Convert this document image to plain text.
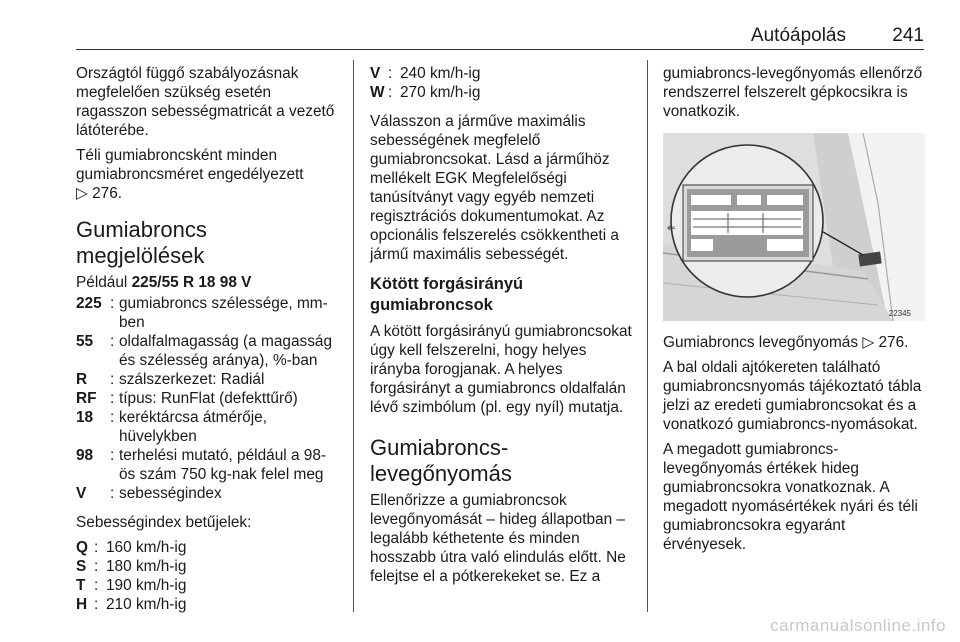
Autóápolás 241

Országtól függő szabályozásnak megfelelően szükség esetén ragasszon sebességmatricát a vezető látóterébe.

Téli gumiabroncsként minden gumiabroncsméret engedélyezett
▷ 276.

Gumiabroncs megjelölések

Például 225/55 R 18 98 V

225 : gumiabroncs szélessége, mm-ben
55	: oldalfalmagasság (a magasság és szélesség aránya), %-ban
R	: szálszerkezet: Radiál
RF : típus: RunFlat (defekttűrő)
18	: keréktárcsa átmérője, hüvelykben
98	: terhelési mutató, például a 98-ös szám 750 kg-nak felel meg
V	: sebességindex

Sebességindex betűjelek:

Q : 160 km/h-ig
S : 180 km/h-ig
T : 190 km/h-ig
H : 210 km/h-ig
V : 240 km/h-ig
W : 270 km/h-ig

Válasszon a járműve maximális sebességének megfelelő gumiabroncsokat. Lásd a járműhöz mellékelt EGK Megfelelőségi tanúsítványt vagy egyéb nemzeti regisztrációs dokumentumokat. Az opcionális felszerelés csökkentheti a jármű maximális sebességét.

Kötött forgásirányú gumiabroncsok

A kötött forgásirányú gumiabroncsokat úgy kell felszerelni, hogy helyes irányba forogjanak. A helyes forgásirányt a gumiabroncs oldalfalán lévő szimbólum (pl. egy nyíl) mutatja.

Gumiabroncs-levegőnyomás

Ellenőrizze a gumiabroncsok levegőnyomását – hideg állapotban – legalább kéthetente és minden hosszabb útra való elindulás előtt. Ne felejtse el a pótkerekeket se. Ez a

gumiabroncs-levegőnyomás ellenőrző rendszerrel felszerelt gépkocsikra is vonatkozik.

⇐
22345

Gumiabroncs levegőnyomás ▷ 276.

A bal oldali ajtókereten található gumiabroncsnyomás tájékoztató tábla jelzi az eredeti gumiabroncsokat és a vonatkozó gumiabroncs-nyomásokat.

A megadott gumiabroncs-levegőnyomás értékek hideg gumiabroncsokra vonatkoznak. A megadott nyomásértékek nyári és téli gumiabroncsokra egyaránt érvényesek.

carmanualsonline.info
